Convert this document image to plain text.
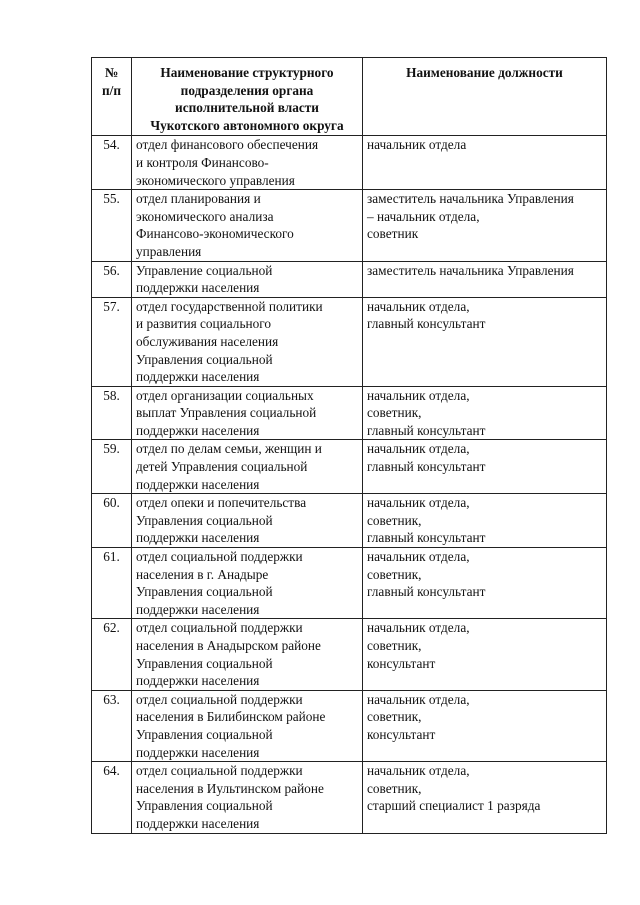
№
п/п	Наименование структурного
подразделения органа
исполнительной власти
Чукотского автономного округа	Наименование должности

54.	отдел финансового обеспечения
и контроля Финансово-
экономического управления	начальник отдела

55.	отдел планирования и
экономического анализа
Финансово-экономического
управления	заместитель начальника Управления
– начальник отдела,
советник

56.	Управление социальной
поддержки населения	заместитель начальника Управления

57.	отдел государственной политики
и развития социального
обслуживания населения
Управления социальной
поддержки населения	начальник отдела,
главный консультант

58.	отдел организации социальных
выплат Управления социальной
поддержки населения	начальник отдела,
советник,
главный консультант

59.	отдел по делам семьи, женщин и
детей Управления социальной
поддержки населения	начальник отдела,
главный консультант

60.	отдел опеки и попечительства
Управления социальной
поддержки населения	начальник отдела,
советник,
главный консультант

61.	отдел социальной поддержки
населения в г. Анадыре
Управления социальной
поддержки населения	начальник отдела,
советник,
главный консультант

62.	отдел социальной поддержки
населения в Анадырском районе
Управления социальной
поддержки населения	начальник отдела,
советник,
консультант

63.	отдел социальной поддержки
населения в Билибинском районе
Управления социальной
поддержки населения	начальник отдела,
советник,
консультант

64.	отдел социальной поддержки
населения в Иультинском районе
Управления социальной
поддержки населения	начальник отдела,
советник,
старший специалист 1 разряда
